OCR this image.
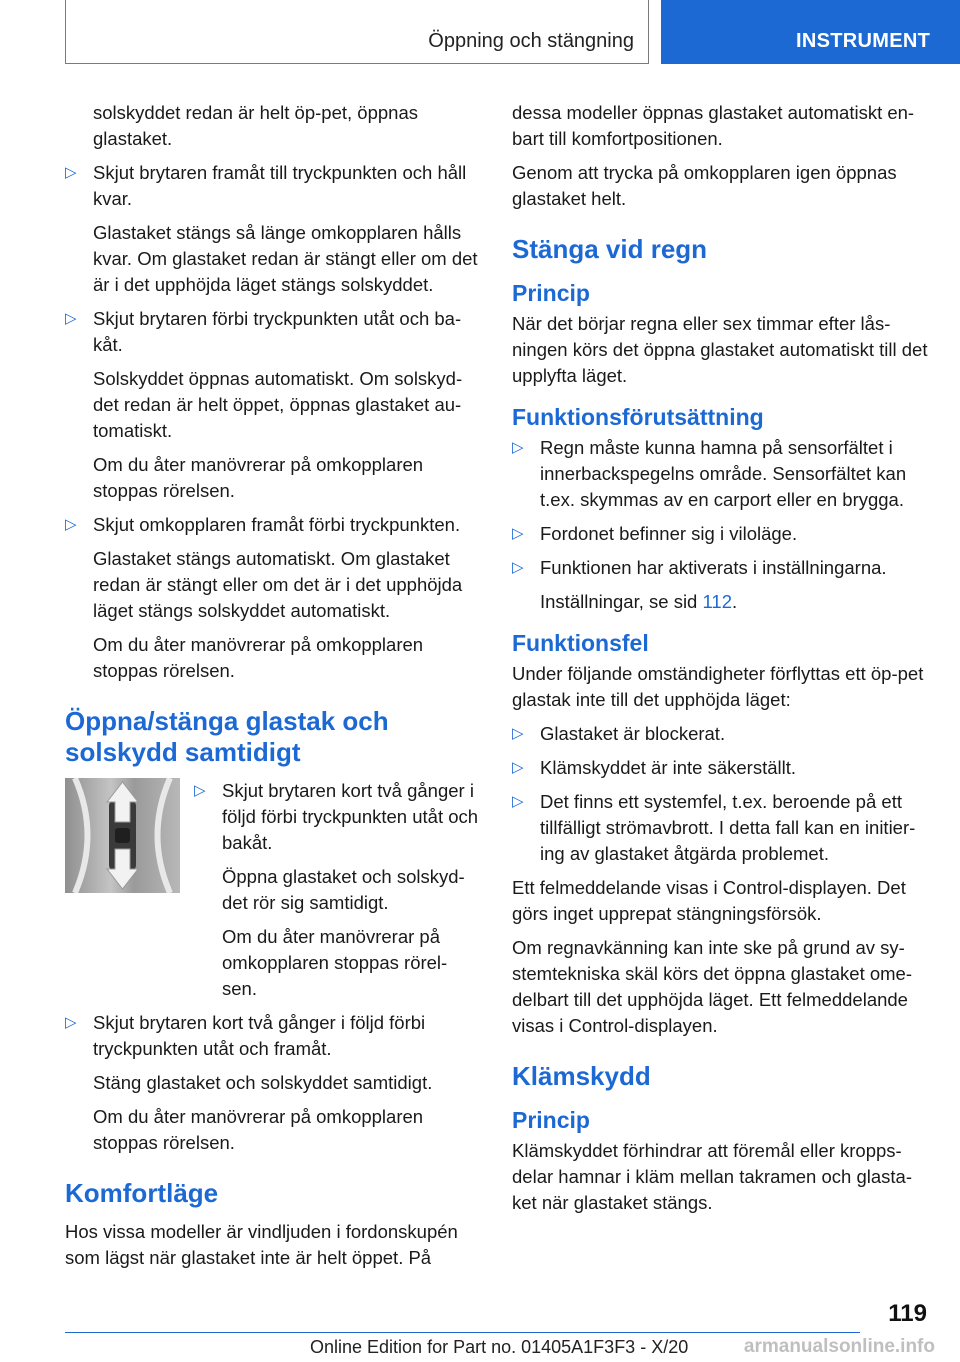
Öppning och stängning	INSTRUMENT

solskyddet redan är helt öp-pet, öppnas glastaket.

▷ Skjut brytaren framåt till tryckpunkten och håll kvar.

Glastaket stängs så länge omkopplaren hålls kvar. Om glastaket redan är stängt eller om det är i det upphöjda läget stängs solskyddet.

▷ Skjut brytaren förbi tryckpunkten utåt och ba-kåt.

Solskyddet öppnas automatiskt. Om solskyd-det redan är helt öppet, öppnas glastaket au-tomatiskt.

Om du åter manövrerar på omkopplaren stoppas rörelsen.

▷ Skjut omkopplaren framåt förbi tryckpunkten.

Glastaket stängs automatiskt. Om glastaket redan är stängt eller om det är i det upphöjda läget stängs solskyddet automatiskt.

Om du åter manövrerar på omkopplaren stoppas rörelsen.

Öppna/stänga glastak och solskydd samtidigt
▷ Skjut brytaren kort två gånger i följd förbi tryckpunkten utåt och bakåt.

Öppna glastaket och solskyd-det rör sig samtidigt.

Om du åter manövrerar på omkopplaren stoppas rörel-sen.

▷ Skjut brytaren kort två gånger i följd förbi tryckpunkten utåt och framåt.

Stäng glastaket och solskyddet samtidigt.

Om du åter manövrerar på omkopplaren stoppas rörelsen.

Komfortläge

Hos vissa modeller är vindljuden i fordonskupén som lägst när glastaket inte är helt öppet. På

dessa modeller öppnas glastaket automatiskt en-bart till komfortpositionen.

Genom att trycka på omkopplaren igen öppnas glastaket helt.

Stänga vid regn
Princip

När det börjar regna eller sex timmar efter lås-ningen körs det öppna glastaket automatiskt till det upplyfta läget.

Funktionsförutsättning
▷ Regn måste kunna hamna på sensorfältet i innerbackspegelns område. Sensorfältet kan t.ex. skymmas av en carport eller en brygga.

▷ Fordonet befinner sig i viloläge.

▷ Funktionen har aktiverats i inställningarna.

Inställningar, se sid 112.

Funktionsfel

Under följande omständigheter förflyttas ett öp-pet glastak inte till det upphöjda läget:

▷ Glastaket är blockerat.

▷ Klämskyddet är inte säkerställt.

▷ Det finns ett systemfel, t.ex. beroende på ett tillfälligt strömavbrott. I detta fall kan en initier-ing av glastaket åtgärda problemet.

Ett felmeddelande visas i Control-displayen. Det görs inget upprepat stängningsförsök.

Om regnavkänning kan inte ske på grund av sy-stemtekniska skäl körs det öppna glastaket ome-delbart till det upphöjda läget. Ett felmeddelande visas i Control-displayen.

Klämskydd
Princip

Klämskyddet förhindrar att föremål eller kropps-delar hamnar i kläm mellan takramen och glasta-ket när glastaket stängs.

119
Online Edition for Part no. 01405A1F3F3 - X/20	armanualsonline.info
